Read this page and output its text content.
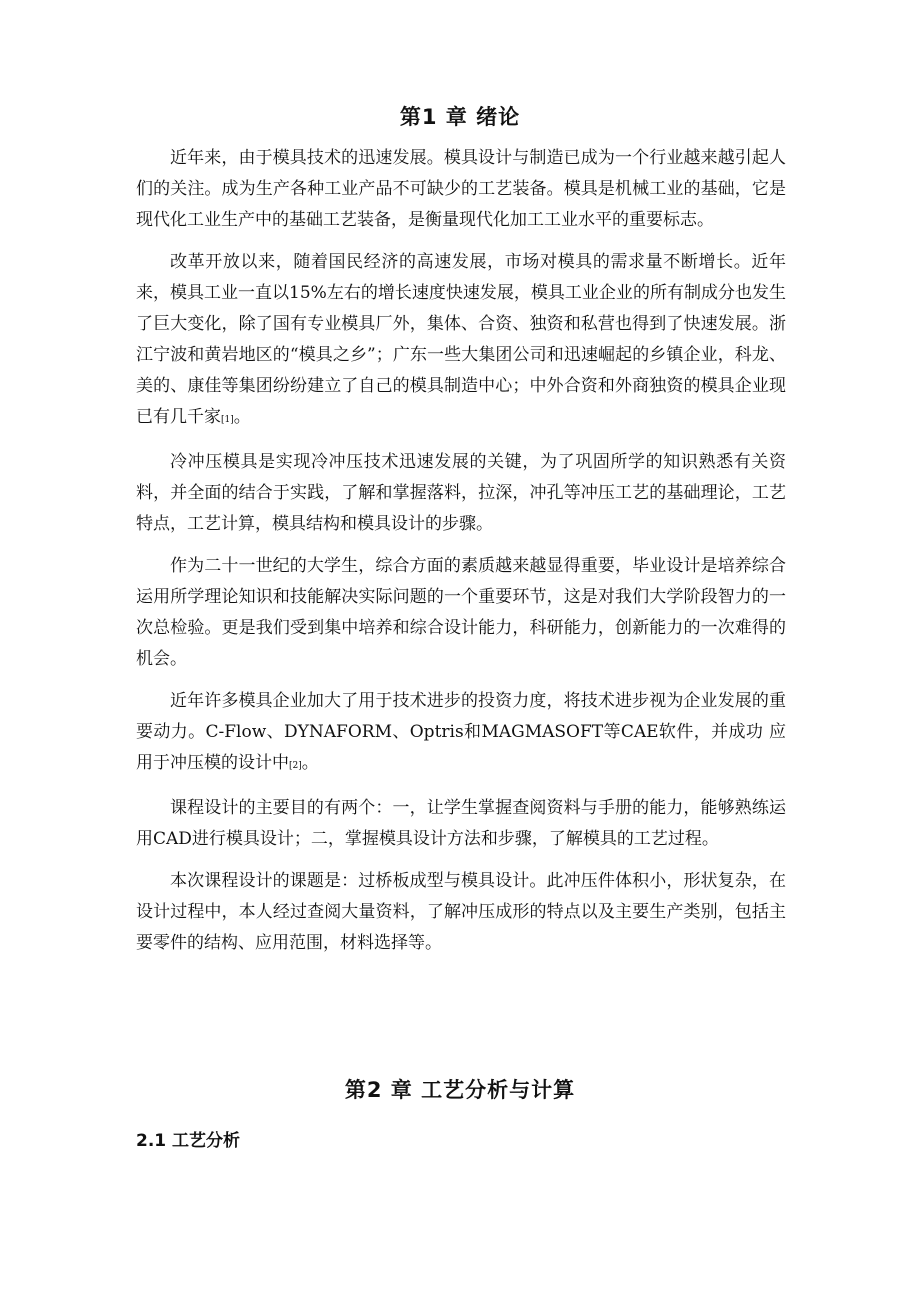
第1 章 绪论

近年来，由于模具技术的迅速发展。模具设计与制造已成为一个行业越来越引起人们的关注。成为生产各种工业产品不可缺少的工艺装备。模具是机械工业的基础，它是现代化工业生产中的基础工艺装备，是衡量现代化加工工业水平的重要标志。

改革开放以来，随着国民经济的高速发展，市场对模具的需求量不断增长。近年来，模具工业一直以15%左右的增长速度快速发展，模具工业企业的所有制成分也发生了巨大变化，除了国有专业模具厂外，集体、合资、独资和私营也得到了快速发展。浙江宁波和黄岩地区的“模具之乡”；广东一些大集团公司和迅速崛起的乡镇企业，科龙、美的、康佳等集团纷纷建立了自己的模具制造中心；中外合资和外商独资的模具企业现已有几千家[1]。

冷冲压模具是实现冷冲压技术迅速发展的关键，为了巩固所学的知识熟悉有关资料，并全面的结合于实践，了解和掌握落料，拉深，冲孔等冲压工艺的基础理论，工艺特点，工艺计算，模具结构和模具设计的步骤。

作为二十一世纪的大学生，综合方面的素质越来越显得重要，毕业设计是培养综合运用所学理论知识和技能解决实际问题的一个重要环节，这是对我们大学阶段智力的一次总检验。更是我们受到集中培养和综合设计能力，科研能力，创新能力的一次难得的机会。

近年许多模具企业加大了用于技术进步的投资力度，将技术进步视为企业发展的重要动力。C-Flow、DYNAFORM、Optris和MAGMASOFT等CAE软件，并成功 应用于冲压模的设计中[2]。

课程设计的主要目的有两个：一，让学生掌握查阅资料与手册的能力，能够熟练运用CAD进行模具设计；二，掌握模具设计方法和步骤，了解模具的工艺过程。

本次课程设计的课题是：过桥板成型与模具设计。此冲压件体积小，形状复杂，在设计过程中，本人经过查阅大量资料，了解冲压成形的特点以及主要生产类别，包括主要零件的结构、应用范围，材料选择等。

第2 章 工艺分析与计算
2.1 工艺分析
